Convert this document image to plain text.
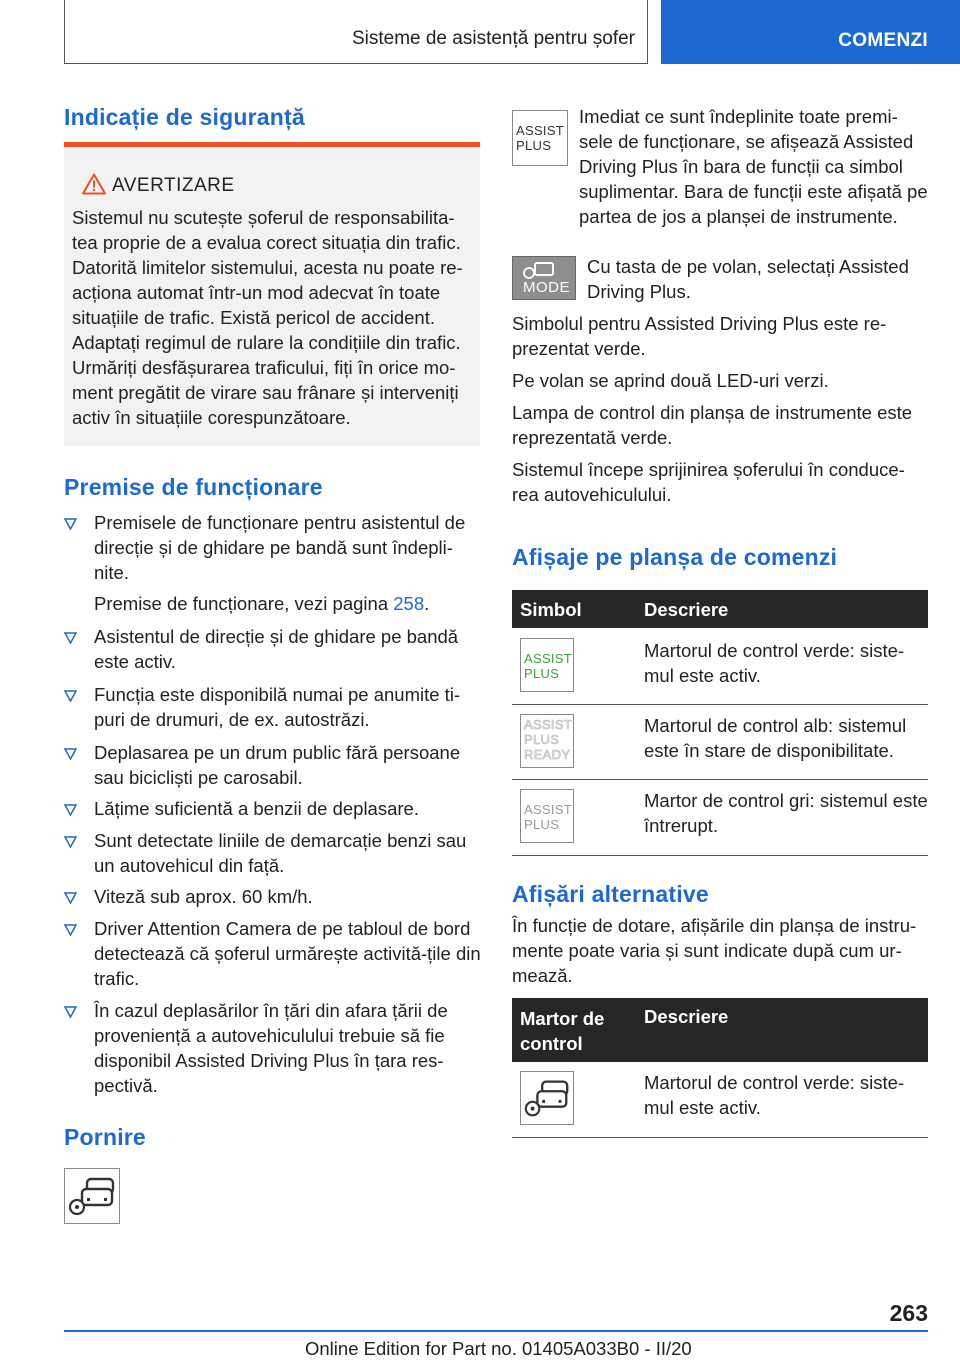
Sisteme de asistență pentru șofer	COMENZI
Indicație de siguranță
AVERTIZARE
Sistemul nu scutește șoferul de responsabilita-tea proprie de a evalua corect situația din trafic. Datorită limitelor sistemului, acesta nu poate re-acționa automat într-un mod adecvat în toate situațiile de trafic. Există pericol de accident. Adaptați regimul de rulare la condițiile din trafic. Urmăriți desfășurarea traficului, fiți în orice mo-ment pregătit de virare sau frânare și interveniți activ în situațiile corespunzătoare.
Premise de funcționare
Premisele de funcționare pentru asistentul de direcție și de ghidare pe bandă sunt îndepli-nite.
Premise de funcționare, vezi pagina 258.
Asistentul de direcție și de ghidare pe bandă este activ.
Funcția este disponibilă numai pe anumite ti-puri de drumuri, de ex. autostrăzi.
Deplasarea pe un drum public fără persoane sau bicicliști pe carosabil.
Lățime suficientă a benzii de deplasare.
Sunt detectate liniile de demarcație benzi sau un autovehicul din față.
Viteză sub aprox. 60 km/h.
Driver Attention Camera de pe tabloul de bord detectează că șoferul urmărește activită-țile din trafic.
În cazul deplasărilor în țări din afara țării de proveniență a autovehiculului trebuie să fie disponibil Assisted Driving Plus în țara res-pectivă.
Pornire
ASSIST
PLUS
Imediat ce sunt îndeplinite toate premi-sele de funcționare, se afișează Assisted Driving Plus în bara de funcții ca simbol suplimentar. Bara de funcții este afișată pe partea de jos a planșei de instrumente.
MODE
Cu tasta de pe volan, selectați Assisted Driving Plus.
Simbolul pentru Assisted Driving Plus este re-prezentat verde.
Pe volan se aprind două LED-uri verzi.
Lampa de control din planșa de instrumente este reprezentată verde.
Sistemul începe sprijinirea șoferului în conduce-rea autovehiculului.
Afișaje pe planșa de comenzi
Simbol	Descriere
ASSIST
PLUS
Martorul de control verde: siste-mul este activ.
ASSIST
PLUS
READY
Martorul de control alb: sistemul este în stare de disponibilitate.
ASSIST
PLUS
Martor de control gri: sistemul este întrerupt.
Afișări alternative
În funcție de dotare, afișările din planșa de instru-mente poate varia și sunt indicate după cum ur-mează.
Martor de control
Descriere
Martorul de control verde: siste-mul este activ.
263
Online Edition for Part no. 01405A033B0 - II/20
